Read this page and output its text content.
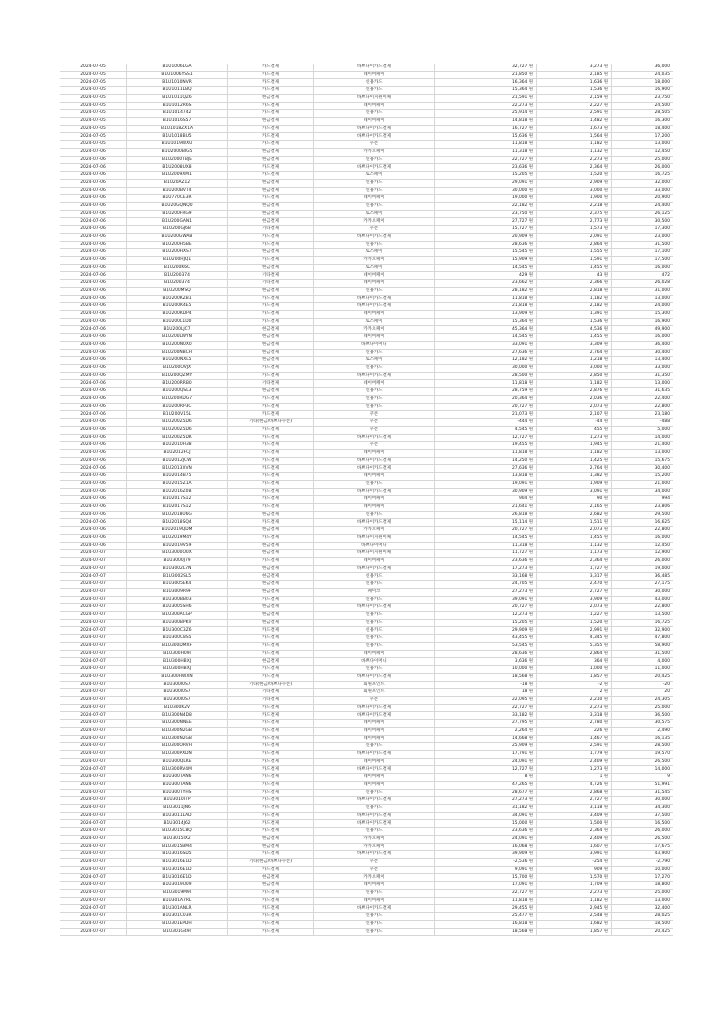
2024-07-05	B1U1006LGA	카드결제	바쁘다이카드결제	32,727 원	3,273 원	36,000
2024-07-05	B1U1006YSS1	카드결제	네이버페이	21,850 원	2,185 원	24,035
2024-07-05	B1U1010NVR	카드결제	신용카드	16,364 원	1,636 원	18,000
2024-07-05	B1U1011LBQ	카드결제	신용카드	15,364 원	1,536 원	16,900
2024-07-05	B1U1011QZ6	현금결제	바쁘다이지원이체	21,591 원	2,159 원	23,750
2024-07-05	B1U1012R6S	카드결제	네이버페이	22,273 원	2,227 원	24,500
2024-07-05	B1U1014742	카드결제	신용카드	25,914 원	2,591 원	28,505
2024-07-05	B1U1016S57	현금결제	네이버페이	14,818 원	1,482 원	16,300
2024-07-05	B1U1018ZX1A	카드결제	바쁘다이카드결제	16,727 원	1,673 원	18,400
2024-07-05	B1U1018BU5	카드결제	바쁘다이카드결제	15,636 원	1,564 원	17,200
2024-07-05	B1U1019WXU	카드결제	쿠폰	11,818 원	1,182 원	13,000
2024-07-06	B1U2000BIG5	현금결제	카카오페이	11,318 원	1,132 원	12,450
2024-07-06	B1U2000TBJE	현금결제	신용카드	22,727 원	2,273 원	25,000
2024-07-06	B1U2008UX8	카드결제	바쁘다이카드결제	23,636 원	2,364 원	26,000
2024-07-06	B1U2009XM1	카드결제	토스페이	15,205 원	1,520 원	16,725
2024-07-06	B1U20AZ12	현금결제	신용카드	29,091 원	2,909 원	32,000
2024-07-06	B1U200BVT4	현금결제	신용카드	30,000 원	3,000 원	33,000
2024-07-06	B1U770CE3R	카드결제	네이버페이	19,000 원	1,900 원	20,900
2024-07-06	B1U20GQNQ0	현금결제	신용카드	22,182 원	2,218 원	24,400
2024-07-06	B1U200FRG9	현금결제	토스페이	23,750 원	2,375 원	26,125
2024-07-06	B1U200GAN1	현금결제	카카오페이	27,727 원	2,773 원	30,500
2024-07-06	B1U200GJ6B	기타결제	쿠폰	15,727 원	1,573 원	17,300
2024-07-06	B1U200GWAB	카드결제	바쁘다이카드결제	20,909 원	2,091 원	23,000
2024-07-06	B1U200H5BE	카드결제	신용카드	28,636 원	2,864 원	31,500
2024-07-06	B1U200HXS7	현금결제	토스페이	15,545 원	1,555 원	17,100
2024-07-06	B1U200HJQ1	카드결제	카카오페이	15,909 원	1,591 원	17,500
2024-07-06	B1U200K6C	현금결제	토스페이	14,545 원	1,455 원	16,000
2024-07-06	B1U200374	기타결제	네이버페이	429 원	43 원	472
2024-07-06	B1U200374	기타결제	네이버페이	23,662 원	2,366 원	26,028
2024-07-06	B1U200MSQ	현금결제	신용카드	28,182 원	2,818 원	31,000
2024-07-06	B1U200KZB1	카드결제	바쁘다이카드결제	11,818 원	1,182 원	13,000
2024-07-06	B1U200K4E5	카드결제	바쁘다이카드결제	21,818 원	2,182 원	24,000
2024-07-06	B1U200KDP4	카드결제	네이버페이	13,909 원	1,391 원	15,300
2024-07-06	B1U200L1D0	카드결제	토스페이	15,364 원	1,536 원	16,900
2024-07-06	B1U200LJC7	현금결제	카카오페이	45,364 원	4,536 원	49,900
2024-07-06	B1U200LWYN	현금결제	네이버페이	14,545 원	1,455 원	16,000
2024-07-06	B1U200N0X0	현금결제	바쁘다이머니	33,091 원	3,309 원	36,400
2024-07-06	B1U200NBCH	현금결제	신용카드	27,636 원	2,764 원	30,400
2024-07-06	B1U200NXL5	현금결제	토스페이	12,182 원	1,218 원	13,400
2024-07-06	B1U200OVJX	카드결제	신용카드	30,000 원	3,000 원	33,000
2024-07-06	B1U200QZMY	카드결제	바쁘다이카드결제	28,500 원	2,850 원	31,350
2024-07-06	B1U200RRB0	기타결제	네이버페이	11,818 원	1,182 원	13,000
2024-07-06	B1U200QSL3	현금결제	신용카드	28,759 원	2,876 원	31,635
2024-07-06	B1U200RDG7	카드결제	신용카드	20,364 원	2,036 원	22,400
2024-07-06	B1U200RP3C	카드결제	신용카드	20,727 원	2,073 원	22,800
2024-07-06	B1U200V15L	카드결제	쿠폰	21,073 원	2,107 원	23,180
2024-07-06	B1U200Z5D6	기타(현금/바쁘다쿠폰)	쿠폰	-444 원	-44 원	-488
2024-07-06	B1U200Z5D6	카드결제	쿠폰	4,545 원	455 원	5,000
2024-07-06	B1U200Z5DK	카드결제	바쁘다이카드결제	12,727 원	1,273 원	14,000
2024-07-06	B1U2010H38	카드결제	쿠폰	19,455 원	1,945 원	21,400
2024-07-06	B1U2012FCJ	카드결제	네이버페이	11,818 원	1,182 원	13,000
2024-07-06	B1U2012JCW	카드결제	바쁘다이카드결제	14,250 원	1,425 원	15,675
2024-07-06	B1U2013XVN	카드결제	바쁘다이카드결제	27,636 원	2,764 원	30,400
2024-07-06	B1U2014B75	카드결제	네이버페이	13,818 원	1,382 원	15,200
2024-07-06	B1U2015Z1A	카드결제	신용카드	19,091 원	1,909 원	21,000
2024-07-06	B1U2016Z0B	카드결제	바쁘다이카드결제	30,909 원	3,091 원	34,000
2024-07-06	B1U2017S12	카드결제	네이버페이	904 원	90 원	994
2024-07-06	B1U2017S12	카드결제	네이버페이	21,641 원	2,165 원	23,806
2024-07-06	B1U2018U6G	현금결제	신용카드	26,818 원	2,682 원	29,500
2024-07-06	B1U2018SQ4	카드결제	바쁘다이카드결제	15,114 원	1,511 원	16,625
2024-07-06	B1U2019QDM	현금결제	카카오페이	20,727 원	2,073 원	22,800
2024-07-06	B1U2019M4Y	카드결제	바쁘다이지원이체	14,545 원	1,455 원	16,000
2024-07-06	B1U2019V59	현금결제	바쁘다이머니	11,318 원	1,132 원	12,450
2024-07-07	B1U3000O0X	현금결제	바쁘다이지원이체	11,727 원	1,173 원	12,900
2024-07-07	B1U3000J79	카드결제	네이버페이	23,636 원	2,364 원	26,000
2024-07-07	B1U3002L7N	현금결제	바쁘다이카드결제	17,273 원	1,727 원	19,000
2024-07-07	B1U3002SL5	현금결제	신용카드	33,168 원	3,317 원	36,485
2024-07-07	B1U3005EK4	현금결제	신용카드	24,705 원	2,470 원	27,175
2024-07-07	B1U3009R9F	현금결제	페이코	27,273 원	2,727 원	30,000
2024-07-07	B1U300BB03	카드결제	신용카드	39,091 원	3,909 원	43,000
2024-07-07	B1U3005SH6	현금결제	바쁘다이카드결제	20,727 원	2,073 원	22,800
2024-07-07	B1U300ACGP	현금결제	신용카드	12,273 원	1,227 원	13,500
2024-07-07	B1U300BPKV	현금결제	신용카드	15,205 원	1,520 원	16,725
2024-07-07	B1U300C3Z6	카드결제	신용카드	29,909 원	2,991 원	32,900
2024-07-07	B1U300C8S5	카드결제	신용카드	43,455 원	4,345 원	47,800
2024-07-07	B1U300DMXF	카드결제	신용카드	53,545 원	5,355 원	58,900
2024-07-07	B1U300H09I	카드결제	네이버페이	28,636 원	2,864 원	31,500
2024-07-07	B1U300HBXJ	현금결제	바쁘다이머니	3,636 원	364 원	4,000
2024-07-07	B1U300HBXJ	카드결제	신용카드	10,000 원	1,000 원	11,000
2024-07-07	B1U300HWXN	카드결제	바쁘다이카드결제	18,568 원	1,857 원	20,425
2024-07-07	B1U300I0S7	기타(현금/바쁘다쿠폰)	회원포인트	-18 원	-2 원	-20
2024-07-07	B1U300I0S7	기타결제	회원포인트	18 원	2 원	20
2024-07-07	B1U300I0S7	기타결제	쿠폰	22,095 원	2,210 원	24,305
2024-07-07	B1U300K2V	카드결제	바쁘다이카드결제	22,727 원	2,273 원	25,000
2024-07-07	B1U300N4D8	카드결제	바쁘다이카드결제	33,182 원	3,318 원	36,500
2024-07-07	B1U300NNEE	카드결제	네이버페이	27,795 원	2,780 원	30,575
2024-07-07	B1U300N2GB	카드결제	네이버페이	2,264 원	226 원	2,490
2024-07-07	B1U300N2GB	카드결제	네이버페이	14,668 원	1,467 원	16,135
2024-07-07	B1U300ORVH	카드결제	신용카드	25,909 원	2,591 원	28,500
2024-07-07	B1U300PXDN	카드결제	바쁘다이카드결제	17,791 원	1,779 원	19,570
2024-07-07	B1U300QLKE	카드결제	네이버페이	24,091 원	2,409 원	26,500
2024-07-07	B1U300RV4M	카드결제	바쁘다이카드결제	12,727 원	1,273 원	14,000
2024-07-07	B1U300TAN6	카드결제	네이버페이	8 원	1 원	9
2024-07-07	B1U300TAN6	카드결제	네이버페이	47,265 원	4,726 원	51,991
2024-07-07	B1U300TYHS	카드결제	신용카드	28,677 원	2,868 원	31,545
2024-07-07	B1U3010I7P	카드결제	바쁘다이카드결제	27,273 원	2,727 원	30,000
2024-07-07	B1U3011JN6	카드결제	신용카드	31,182 원	3,118 원	34,300
2024-07-07	B1U3011LAD	카드결제	바쁘다이카드결제	34,091 원	3,409 원	37,500
2024-07-07	B1U3014J62	카드결제	바쁘다이카드결제	15,000 원	1,500 원	16,500
2024-07-07	B1U3015C8Q	카드결제	신용카드	23,636 원	2,364 원	26,000
2024-07-07	B1U3015IX2	현금결제	카카오페이	24,091 원	2,409 원	26,500
2024-07-07	B1U3015BM4	현금결제	카카오페이	16,068 원	1,607 원	17,675
2024-07-07	B1U3016SD5	카드결제	바쁘다이카드결제	39,909 원	3,991 원	43,900
2024-07-07	B1U3016E1D	기타(현금/바쁘다쿠폰)	쿠폰	-2,536 원	-254 원	-2,790
2024-07-07	B1U3016E1D	카드결제	쿠폰	9,091 원	909 원	10,000
2024-07-07	B1U3016E1D	현금결제	카카오페이	15,700 원	1,570 원	17,270
2024-07-07	B1U3019U09	현금결제	네이버페이	17,091 원	1,709 원	18,800
2024-07-07	B1U3019M9I	카드결제	신용카드	22,727 원	2,273 원	25,000
2024-07-07	B1U301A7RL	카드결제	네이버페이	11,818 원	1,182 원	13,000
2024-07-07	B1U301ANLR	카드결제	바쁘다이카드결제	29,455 원	2,945 원	32,400
2024-07-07	B1U301C03R	카드결제	신용카드	25,477 원	2,548 원	28,025
2024-07-07	B1U301EPDH	카드결제	신용카드	16,818 원	1,682 원	18,500
2024-07-07	B1U301G49I	카드결제	신용카드	18,568 원	1,857 원	20,425
